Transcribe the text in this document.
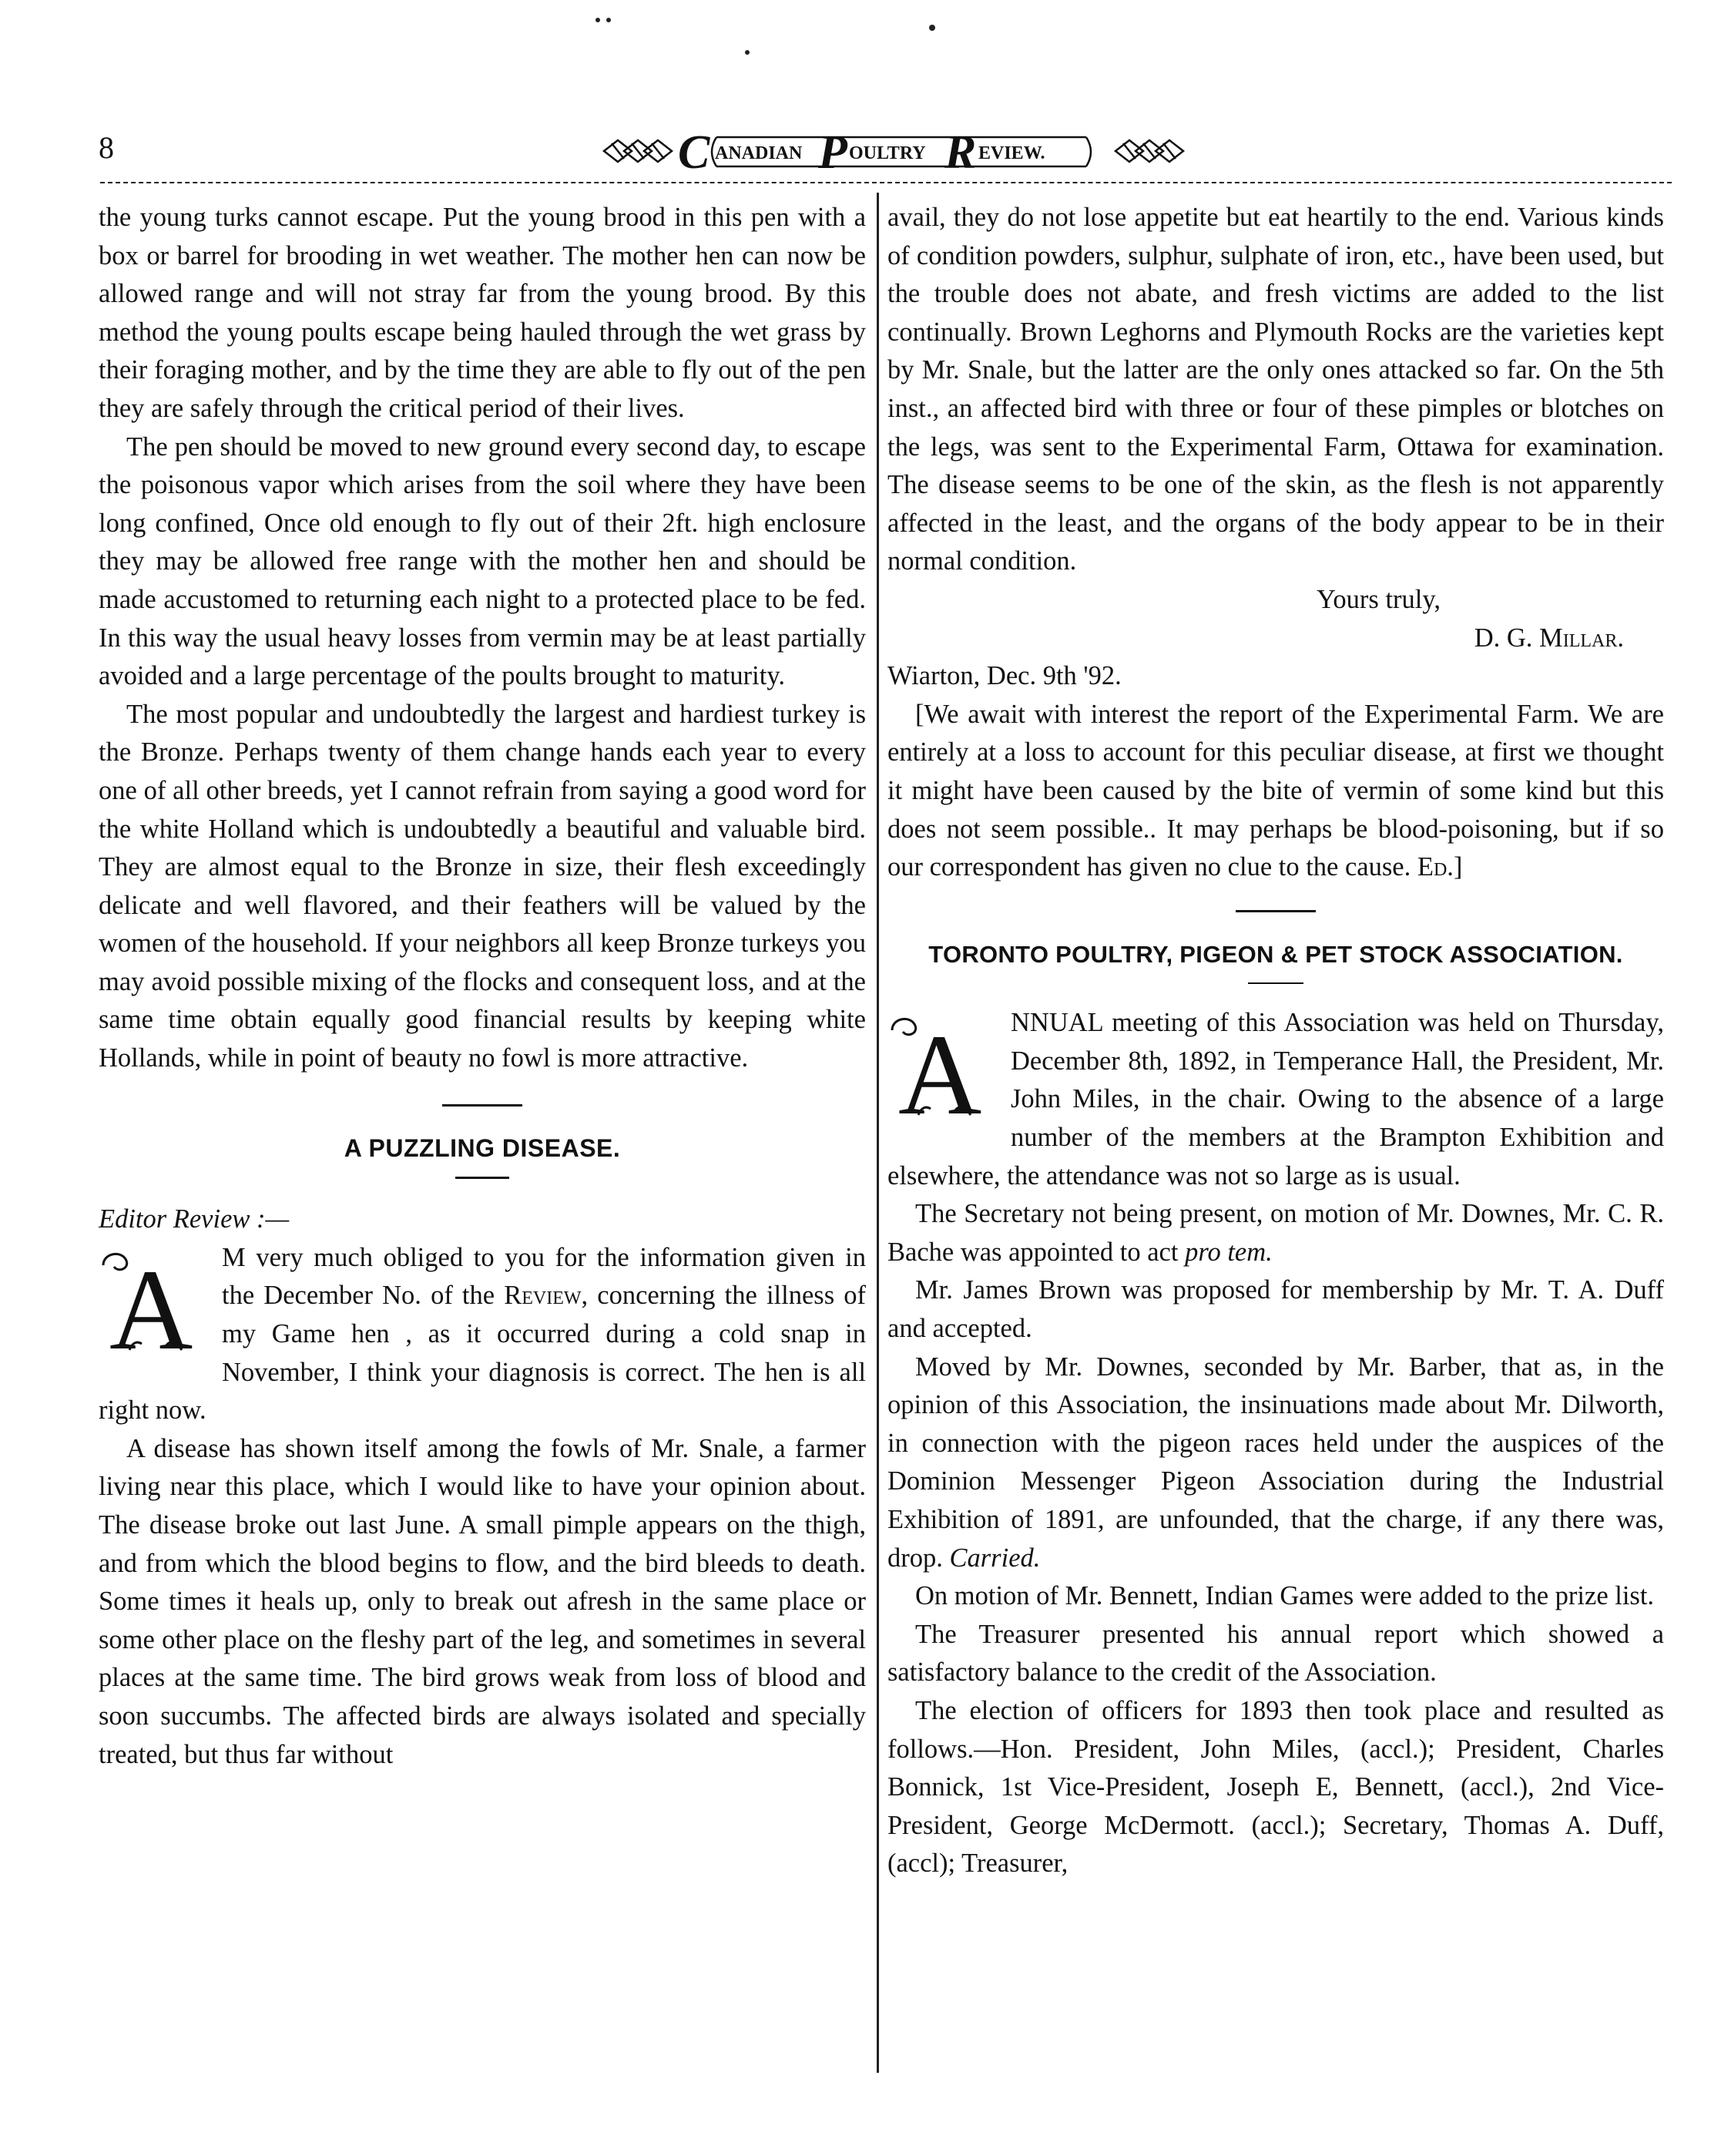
8	C ANADIAN P OULTRY R EVIEW.

the young turks cannot escape. Put the young brood in this pen with a box or barrel for brooding in wet weather. The mother hen can now be allowed range and will not stray far from the young brood. By this method the young poults escape being hauled through the wet grass by their foraging mother, and by the time they are able to fly out of the pen they are safely through the critical period of their lives.

The pen should be moved to new ground every second day, to escape the poisonous vapor which arises from the soil where they have been long confined, Once old enough to fly out of their 2ft. high enclosure they may be allowed free range with the mother hen and should be made accustomed to returning each night to a protected place to be fed. In this way the usual heavy losses from vermin may be at least partially avoided and a large percentage of the poults brought to maturity.

The most popular and undoubtedly the largest and hardiest turkey is the Bronze. Perhaps twenty of them change hands each year to every one of all other breeds, yet I cannot refrain from saying a good word for the white Holland which is undoubtedly a beautiful and valuable bird. They are almost equal to the Bronze in size, their flesh exceedingly delicate and well flavored, and their feathers will be valued by the women of the household. If your neighbors all keep Bronze turkeys you may avoid possible mixing of the flocks and consequent loss, and at the same time obtain equally good financial results by keeping white Hollands, while in point of beauty no fowl is more attractive.

A PUZZLING DISEASE.

Editor Review :—

A M very much obliged to you for the information given in the December No. of the Review, concerning the illness of my Game hen , as it occurred during a cold snap in November, I think your diagnosis is correct. The hen is all right now.

A disease has shown itself among the fowls of Mr. Snale, a farmer living near this place, which I would like to have your opinion about. The disease broke out last June. A small pimple appears on the thigh, and from which the blood begins to flow, and the bird bleeds to death. Some times it heals up, only to break out afresh in the same place or some other place on the fleshy part of the leg, and sometimes in several places at the same time. The bird grows weak from loss of blood and soon succumbs. The affected birds are always isolated and specially treated, but thus far without

avail, they do not lose appetite but eat heartily to the end. Various kinds of condition powders, sulphur, sulphate of iron, etc., have been used, but the trouble does not abate, and fresh victims are added to the list continually. Brown Leghorns and Plymouth Rocks are the varieties kept by Mr. Snale, but the latter are the only ones attacked so far. On the 5th inst., an affected bird with three or four of these pimples or blotches on the legs, was sent to the Experimental Farm, Ottawa for examination. The disease seems to be one of the skin, as the flesh is not apparently affected in the least, and the organs of the body appear to be in their normal condition.

Yours truly,

D. G. Millar.

Wiarton, Dec. 9th '92.

[We await with interest the report of the Experimental Farm. We are entirely at a loss to account for this peculiar disease, at first we thought it might have been caused by the bite of vermin of some kind but this does not seem possible.. It may perhaps be blood-poisoning, but if so our correspondent has given no clue to the cause. Ed.]

TORONTO POULTRY, PIGEON & PET STOCK ASSOCIATION.

A NNUAL meeting of this Association was held on Thursday, December 8th, 1892, in Temperance Hall, the President, Mr. John Miles, in the chair. Owing to the absence of a large number of the members at the Brampton Exhibition and elsewhere, the attendance was not so large as is usual.

The Secretary not being present, on motion of Mr. Downes, Mr. C. R. Bache was appointed to act pro tem.

Mr. James Brown was proposed for membership by Mr. T. A. Duff and accepted.

Moved by Mr. Downes, seconded by Mr. Barber, that as, in the opinion of this Association, the insinuations made about Mr. Dilworth, in connection with the pigeon races held under the auspices of the Dominion Messenger Pigeon Association during the Industrial Exhibition of 1891, are unfounded, that the charge, if any there was, drop. Carried.

On motion of Mr. Bennett, Indian Games were added to the prize list.

The Treasurer presented his annual report which showed a satisfactory balance to the credit of the Association.

The election of officers for 1893 then took place and resulted as follows.—Hon. President, John Miles, (accl.); President, Charles Bonnick, 1st Vice-President, Joseph E, Bennett, (accl.), 2nd Vice-President, George McDermott. (accl.); Secretary, Thomas A. Duff, (accl); Treasurer,
